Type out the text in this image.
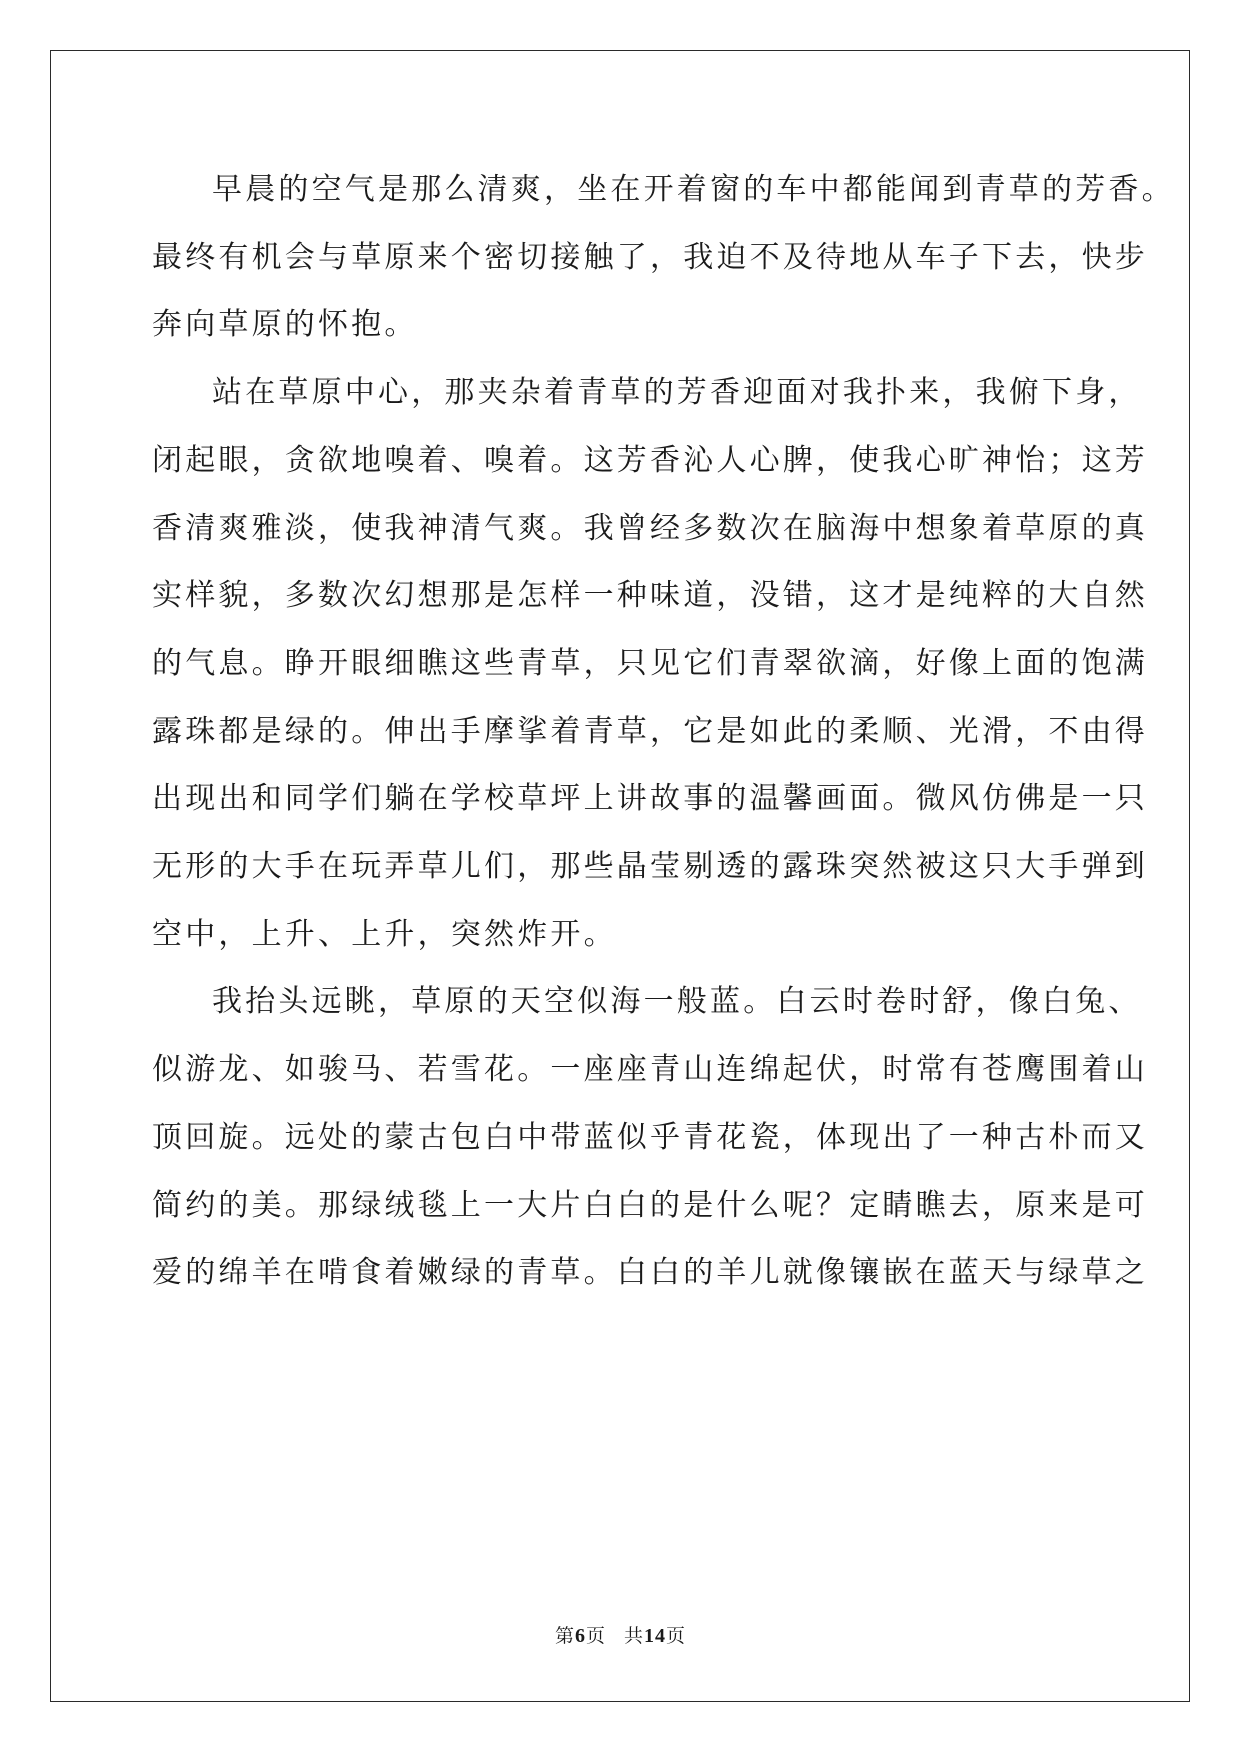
早晨的空气是那么清爽，坐在开着窗的车中都能闻到青草的芳香。
最终有机会与草原来个密切接触了，我迫不及待地从车子下去，快步
奔向草原的怀抱。
站在草原中心，那夹杂着青草的芳香迎面对我扑来，我俯下身，
闭起眼，贪欲地嗅着、嗅着。这芳香沁人心脾，使我心旷神怡；这芳
香清爽雅淡，使我神清气爽。我曾经多数次在脑海中想象着草原的真
实样貌，多数次幻想那是怎样一种味道，没错，这才是纯粹的大自然
的气息。睁开眼细瞧这些青草，只见它们青翠欲滴，好像上面的饱满
露珠都是绿的。伸出手摩挲着青草，它是如此的柔顺、光滑，不由得
出现出和同学们躺在学校草坪上讲故事的温馨画面。微风仿佛是一只
无形的大手在玩弄草儿们，那些晶莹剔透的露珠突然被这只大手弹到
空中，上升、上升，突然炸开。
我抬头远眺，草原的天空似海一般蓝。白云时卷时舒，像白兔、
似游龙、如骏马、若雪花。一座座青山连绵起伏，时常有苍鹰围着山
顶回旋。远处的蒙古包白中带蓝似乎青花瓷，体现出了一种古朴而又
简约的美。那绿绒毯上一大片白白的是什么呢？定睛瞧去，原来是可
爱的绵羊在啃食着嫩绿的青草。白白的羊儿就像镶嵌在蓝天与绿草之
第6页 共14页
